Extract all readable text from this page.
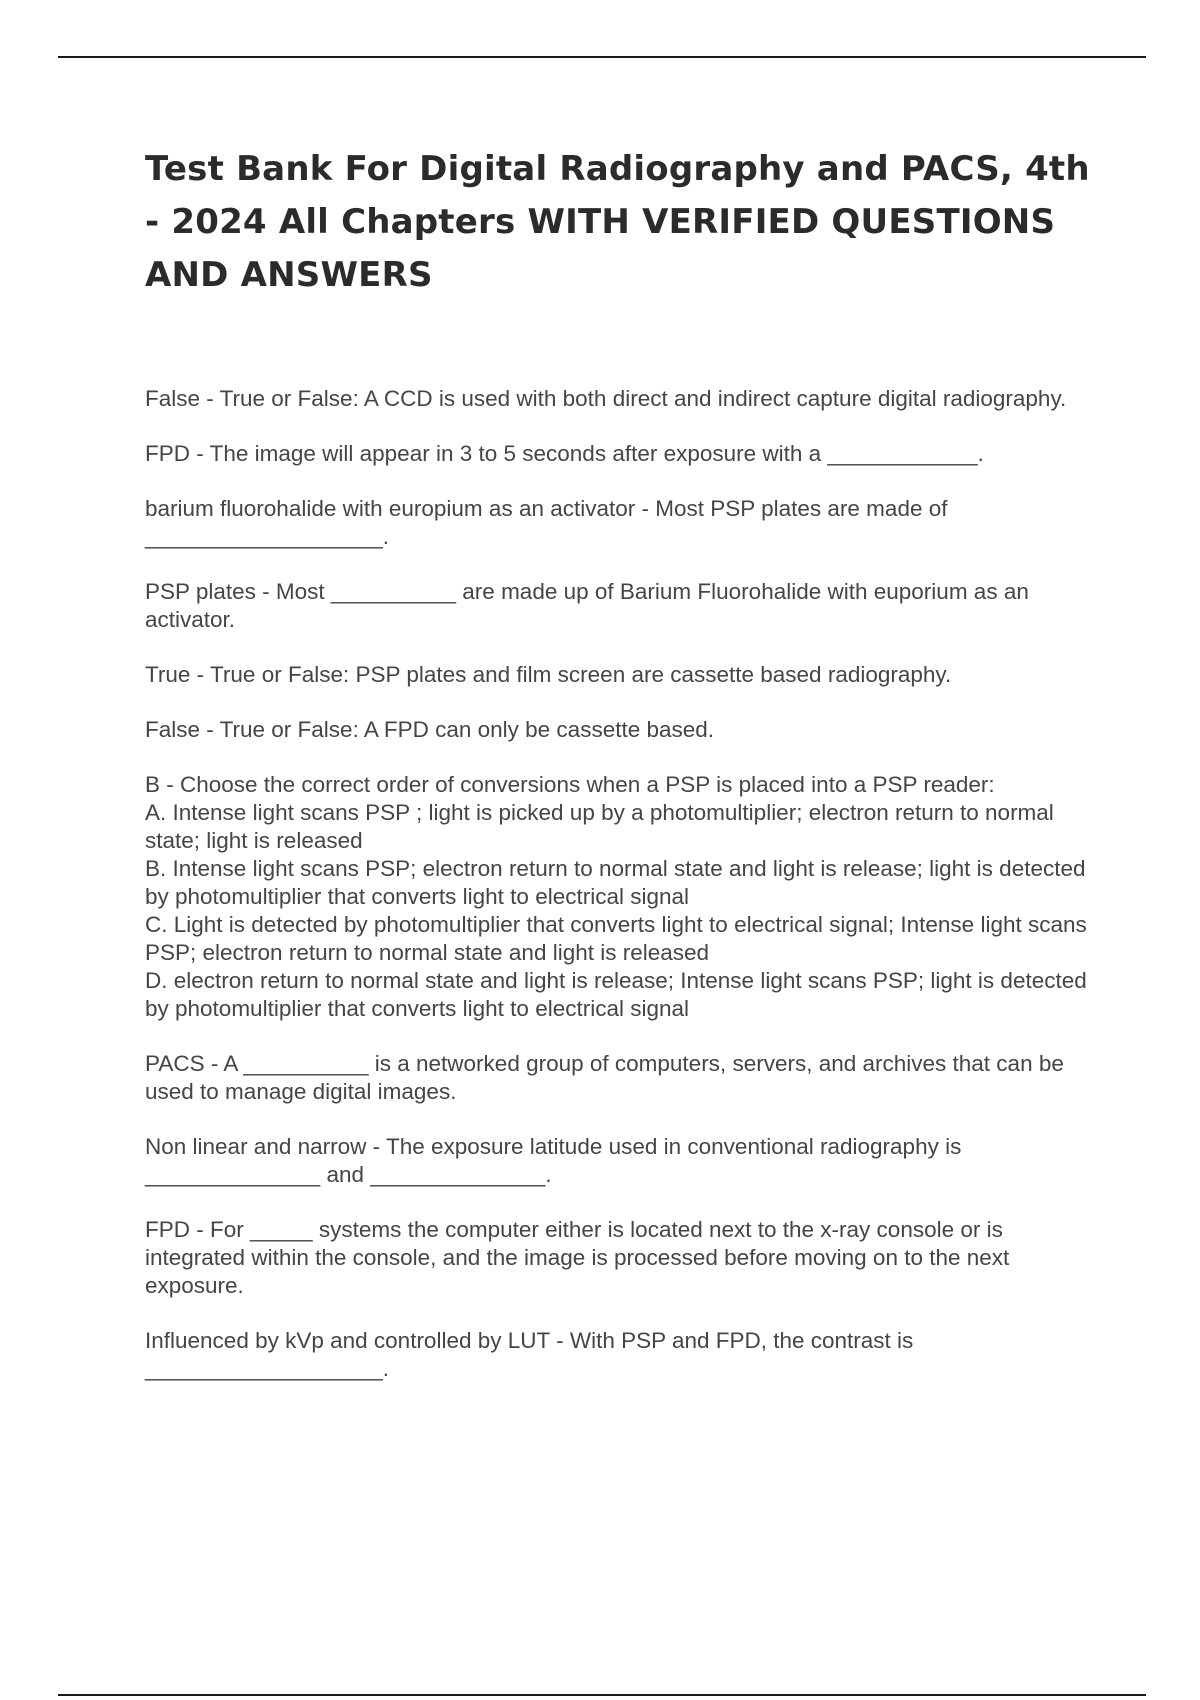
Test Bank For Digital Radiography and PACS, 4th - 2024 All Chapters WITH VERIFIED QUESTIONS AND ANSWERS

False - True or False: A CCD is used with both direct and indirect capture digital radiography.

FPD - The image will appear in 3 to 5 seconds after exposure with a ____________.

barium fluorohalide with europium as an activator - Most PSP plates are made of ___________________.

PSP plates - Most __________ are made up of Barium Fluorohalide with euporium as an activator.

True - True or False: PSP plates and film screen are cassette based radiography.

False - True or False: A FPD can only be cassette based.

B - Choose the correct order of conversions when a PSP is placed into a PSP reader:
A. Intense light scans PSP ; light is picked up by a photomultiplier; electron return to normal state; light is released
B. Intense light scans PSP; electron return to normal state and light is release; light is detected by photomultiplier that converts light to electrical signal
C. Light is detected by photomultiplier that converts light to electrical signal; Intense light scans PSP; electron return to normal state and light is released
D. electron return to normal state and light is release; Intense light scans PSP; light is detected by photomultiplier that converts light to electrical signal

PACS - A __________ is a networked group of computers, servers, and archives that can be used to manage digital images.

Non linear and narrow - The exposure latitude used in conventional radiography is ______________ and ______________.

FPD - For _____ systems the computer either is located next to the x-ray console or is integrated within the console, and the image is processed before moving on to the next exposure.

Influenced by kVp and controlled by LUT - With PSP and FPD, the contrast is ___________________.
